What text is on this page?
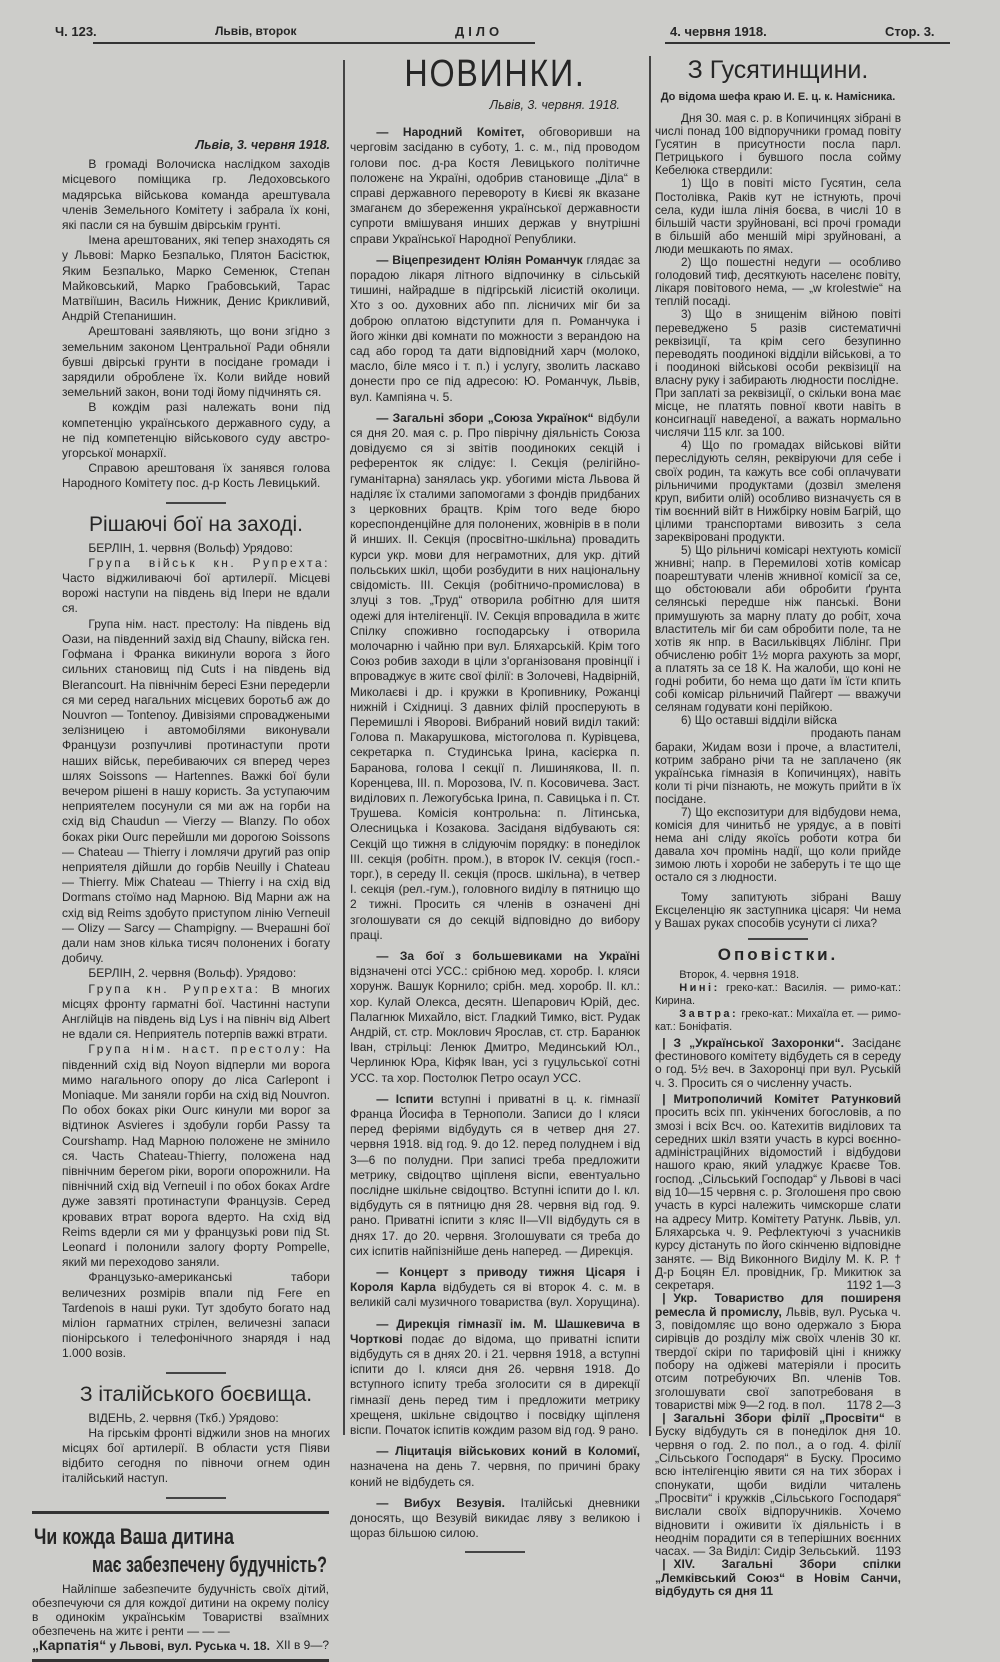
Ч. 123.	Львів, второк	ДІЛО	4. червня 1918.	Стор. 3.
Львів, 3. червня 1918.

В громаді Волочиска наслідком заходів місцевого поміщика гр. Ледоховського мадярська військова команда арештувала членів Земельного Комітету і забрала їх коні, які пасли ся на бувшім двірськім грунті.

Імена арештованих, які тепер знаходять ся у Львові: Марко Безпалько, Плятон Басістюк, Яким Безпалько, Марко Семенюк, Степан Майковський, Марко Грабовський, Тарас Матвіїшин, Василь Нижник, Денис Крикливий, Андрій Степанишин.

Арештовані заявляють, що вони згідно з земельним законом Центральної Ради обняли бувші двірські грунти в посідане громади і зарядили оброблене їх. Коли вийде новий земельний закон, вони тоді йому підчинять ся.

В кождім разі належать вони під компетенцію українського державного суду, а не під компетенцію військового суду австро-угорської монархії.

Справою арештованя їх занявся голова Народного Комітету пос. д-р Кость Левицький.

Рішаючі бої на заході.

БЕРЛІН, 1. червня (Вольф) Урядово:

Група військ кн. Рупрехта: Часто віджиливаючі бої артилерії. Місцеві ворожі наступи на південь від Іпери не вдали ся.

Група нім. наст. престолу: На південь від Оази, на південний захід від Chauny, війска ген. Гофмана і Франка викинули ворога з його сильних становищ під Cuts і на південь від Blerancourt. На північнім бересі Езни передерли ся ми серед нагальних місцевих боротьб аж до Nouvron — Tontenoy. Дивізіями спроваджеными зелізницею і автомобілями виконували Французи розпучливі протинаступи проти наших військ, перебиваючих ся вперед через шлях Soissons — Hartennes. Важкі бої були вечером рішені в нашу користь. За уступаючим неприятелем посунули ся ми аж на горби на схід від Chaudun — Vierzy — Blanzy. По обох боках ріки Ourc перейшли ми дорогою Soissons — Chateau — Thierry і ломлячи другий раз опір неприятеля дійшли до горбів Neuilly і Chateau — Thierry. Між Chateau — Thierry і на схід від Dormans стоїмо над Марною. Від Марни аж на схід від Reims здобуто приступом лінію Verneuil — Olizy — Sarcy — Champigny. — Вчерашні бої дали нам знов кілька тисяч полонених і богату добичу.

БЕРЛІН, 2. червня (Вольф). Урядово:

Група кн. Рупрехта: В многих місцях фронту гарматні бої. Частинні наступи Англійців на південь від Lys і на північ від Albert не вдали ся. Неприятель потерпів важкі втрати.

Група нім. наст. престолу: На південний схід від Noyon відперли ми ворога мимо нагального опору до ліса Carlepont і Moniaque. Ми заняли горби на схід від Nouvron. По обох боках ріки Ourc кинули ми ворог за відтинок Asvieres і здобули горби Passy та Courshamp. Над Марною положене не змінило ся. Часть Chateau-Thierry, положена над північним берегом ріки, вороги опорожнили. На північний схід від Verneuil і по обох боках Ardre дуже завзяті протинаступи Французів. Серед кровавих втрат ворога вдерто. На схід від Reims вдерли ся ми у французькі рови під St. Leonard і полонили залогу форту Pompelle, який ми переходово заняли.

Французько-американські табори величезних розмірів впали під Fere en Tardenois в наші руки. Тут здобуто богато над міліон гарматних стрілен, величезні запаси піонірського і телефонічного знарядя і над 1.000 возів.

З італійського боєвища.

ВІДЕНЬ, 2. червня (Ткб.) Урядово:

На гірськім фронті віджили знов на многих місцях бої артилерії. В области устя Піяви відбито сегодня по півночи огнем один італійський наступ.

Чи кожда Ваша дитина
має забезпечену будучність?

Найліпше забезпечите будучність своїх дітий, обезпечуючи ся для кождої дитини на окрему полісу в одинокім українськім Товаристві взаїмних обезпечень на житє і ренти — — —

„Карпатія“ у Львові, вул. Руська ч. 18. XII в 9—?
НОВИНКИ.
Львів, 3. червня. 1918.

— Народний Комітет, обговоривши на черговім засіданю в суботу, 1. с. м., під проводом голови пос. д-ра Костя Левицького політичне положенє на Україні, одобрив становище „Діла“ в справі державного перевороту в Києві як вказане змаганєм до збереження української державности супроти вмішуваня инших держав у внутрішні справи Української Народної Републики.

— Віцепрезидент Юліян Романчук глядає за порадою лікаря літного відпочинку в сільській тишині, найрадше в підгірській лісистій околици. Хто з оо. духовних або пп. лісничих міг би за доброю оплатою відступити для п. Романчука і його жінки дві комнати по можности з верандою на сад або город та дати відповідний харч (молоко, масло, біле мясо і т. п.) і услугу, зволить ласкаво донести про се під адресою: Ю. Романчук, Львів, вул. Кампіяна ч. 5.

— Загальні збори „Союза Українок“ відбули ся дня 20. мая с. р. Про піврічну діяльність Союза довідуємо ся зі звітів поодиноких секцій і референток як слідує: I. Секція (релігійно-гуманітарна) занялась укр. убогими міста Львова й наділяє їх сталими запомогами з фондів придбаних з церковних брацтв. Крім того веде бюро кореспонденційне для полонених, жовнірів в в поли й инших. II. Секція (просвітно-шкільна) провадить курси укр. мови для неграмотних, для укр. дітий польських шкіл, щоби розбудити в них національну свідомість. III. Секція (робітничо-промислова) в злуці з тов. „Труд“ отворила робітню для шитя одежі для інтелігенції. IV. Секція впровадила в житє Спілку споживно господарську і отворила молочарню і чайню при вул. Бляхарській. Крім того Союз робив заходи в ціли з'організованя провінції і впроваджує в житє свої філії: в Золочеві, Надвірній, Миколаєві і др. і кружки в Кропивнику, Рожанці нижній і Східниці. З давних філій просперують в Перемишлі і Яворові. Вибраний новий виділ такий: Голова п. Макарушкова, містоголова п. Курівцева, секретарка п. Студинська Ірина, касієрка п. Баранова, голова I секції п. Лишинякова, II. п. Коренцева, III. п. Морозова, IV. п. Косовичева. Заст. виділових п. Лежогубська Ірина, п. Савицька і п. Ст. Трушева. Комісія контрольна: п. Літинська, Олесницька і Козакова. Засіданя відбувають ся: Секцій що тижня в слідуючім порядку: в понеділок III. секція (робітн. пром.), в второк IV. секція (госп.-торг.), в середу II. секція (просв. шкільна), в четвер I. секція (рел.-гум.), головного виділу в пятницю що 2 тижні. Просить ся членів в означені дні зголошувати ся до секцій відповідно до вибору праці.

— За бої з большевиками на Україні відзначені отсі УСС.: срібною мед. хоробр. I. кляси хорунж. Вашук Корнило; срібн. мед. хоробр. II. кл.: хор. Кулай Олекса, десятн. Шепарович Юрій, дес. Палагнюк Михайло, віст. Гладкий Тимко, віст. Рудак Андрій, ст. стр. Моклович Ярослав, ст. стр. Баранюк Іван, стрільці: Ленюк Дмитро, Мединський Юл., Черлинюк Юра, Кіфяк Іван, усі з гуцульської сотні УСС. та хор. Постолюк Петро осаул УСС.

— Іспити вступні і приватні в ц. к. гімназії Франца Йосифа в Тернополи. Записи до I кляси перед феріями відбудуть ся в четвер дня 27. червня 1918. від год. 9. до 12. перед полуднем і від 3—6 по полудни. При записі треба предложити метрику, свідоцтво щіпленя віспи, евентуально послідне шкільне свідоцтво. Вступні іспити до I. кл. відбудуть ся в пятницю дня 28. червня від год. 9. рано. Приватні іспити з кляс II—VII відбудуть ся в днях 17. до 20. червня. Зголошувати ся треба до сих іспитів найпізнійше день наперед. — Дирекція.

— Концерт з приводу тижня Цісаря і Короля Карла відбудеть ся ві второк 4. с. м. в великій салі музичного товариства (вул. Хорущина).

— Дирекція гімназії ім. М. Шашкевича в Чорткові подає до відома, що приватні іспити відбудуть ся в днях 20. і 21. червня 1918, а вступні іспити до I. кляси дня 26. червня 1918. До вступного іспиту треба зголосити ся в дирекції гімназії день перед тим і предложити метрику хрещеня, шкільне свідоцтво і посвідку щіпленя віспи. Початок іспитів кождим разом від год. 9 рано.

— Ліцитація військових коний в Коломиї, назначена на день 7. червня, по причині браку коний не відбудеть ся.

— Вибух Везувія. Італійські дневники доносять, що Везувій викидає ляву з великою і щораз більшою силою.

З Гусятинщини.
До відома шефа краю И. Е. ц. к. Намісника.

Дня 30. мая с. р. в Копичинцях зібрані в числі понад 100 відпоручники громад повіту Гусятин в присутности посла парл. Петрицького і бувшого посла сойму Кебелюка ствердили:

1) Що в повіті місто Гусятин, села Постолівка, Раків кут не істнують, прочі села, куди ішла лінія боєва, в числі 10 в більшій части зруйновані, всі прочі громади в більшій або меншій мірі зруйновані, а люди мешкають по ямах.

2) Що пошестні недуги — особливо голодовий тиф, десяткують населенє повіту, лікаря повітового нема, — „w krolestwie“ на теплій посаді.

3) Що в знищенім війною повіті переведжено 5 разів систематичні реквізиції, та крім сего безупинно переводять поодинокі відділи військові, а то і поодинокі військові особи реквізиції на власну руку і забирають людности послідне.

При заплаті за реквізиції, о скільки вона має місце, не платять повної квоти навіть в консигнації наведеної, а важать нормально числячи 115 клг. за 100.

4) Що по громадах військові війти переслідують селян, реквіруючи для себе і своїх родин, та кажуть все собі оплачувати рільничими продуктами (дозвіл змеленя круп, вибити олій) особливо визначуєть ся в тім воєнний війт в Нижбірку новім Багрій, що цілими транспортами вивозить з села зареквіровані продукти.

5) Що рільничі комісарі нехтують комісії жнивні; напр. в Перемилові хотів комісар поарештувати членів жнивної комісії за се, що обстоювали аби обробити ґрунта селянські передше ніж панські. Вони примушують за марну плату до робіт, хоча властитель міг би сам обробити поле, та не хотів як нпр. в Васильківцях Ліблінг. При обчисленю робіт 1½ морга рахують за морг, а платять за се 18 К. На жалоби, що коні не годні робити, бо нема що дати їм їсти кпить собі комісар рільничий Пайгерт — вважучи селянам годувати коні перійкою.

6) Що оставші відділи війска

продають панам

бараки, Жидам вози і проче, а властителі, котрим забрано річи та не заплачено (як українська гімназія в Копичинцях), навіть коли ті річи пізнають, не можуть прийти в їх посідане.

7) Що експозитури для відбудови нема, комісія для чинитьб не урядує, а в повіті нема ані сліду якоїсь роботи котра би давала хоч промінь надії, що коли прийде зимою лють і хороби не заберуть і те що ще остало ся з людности.

Тому запитують зібрані Вашу Ексцеленцію як заступника цісаря: Чи нема у Вашах руках способів усунути сі лиха?

Оповістки.

Второк, 4. червня 1918.

Нині: греко-кат.: Василія. — римо-кат.: Кирина.

Завтра: греко-кат.: Михаїла ет. — римо-кат.: Боніфатія.

| З „Української Захоронки“. Засіданє фестинового комітету відбудеть ся в середу о год. 5½ веч. в Захоронці при вул. Руській ч. 3. Просить ся о численну участь.

| Митрополичий Комітет Ратунковий просить всіх пп. укінчених богословів, а по змозі і всіх Всч. оо. Катехитів виділових та середних шкіл взяти участь в курсі воєнно-адміністраційних відомостий і відбудови нашого краю, який уладжує Краєве Тов. господ. „Сільський Господар“ у Львові в часі від 10—15 червня с. р. Зголошеня про свою участь в курсі належить чимскорше слати на адресу Митр. Комітету Ратунк. Львів, ул. Бляхарська ч. 9. Рефлектуючі з учасників курсу дістануть по його скінченю відповідне занятє. — Від Виконного Виділу М. К. Р. † Д-р Боцян Ел. провідник, Гр. Микитюк за секретаря.	1192 1—3

| Укр. Товариство для поширеня ремесла й промислу, Львів, вул. Руська ч. 3, повідомляє що воно одержало з Бюра сирівців до розділу між своїх членів 30 кг. твердої скіри по тарифовій ціні і книжку побору на одіжеві матеріяли і просить отсим потребуючих Вп. членів Тов. зголошувати свої запотребованя в товаристві між 9—2 год. в пол.	1178 2—3

| Загальні Збори філії „Просвіти“ в Буску відбудуть ся в понеділок дня 10. червня о год. 2. по пол., а о год. 4. філії „Сільського Господаря“ в Буску. Просимо всю інтелігенцію явити ся на тих зборах і спонукати, щоби виділи читалень „Просвіти“ і кружків „Сільського Господаря“ вислали своїх відпоручників. Хочемо відновити і оживити їх діяльність і в неоднім порадити ся в теперішних воєнних часах. — За Виділ: Сидір Зельський.	1193

| XIV. Загальні Збори спілки „Лемківський Союз“ в Новім Санчи, відбудуть ся дня 11
